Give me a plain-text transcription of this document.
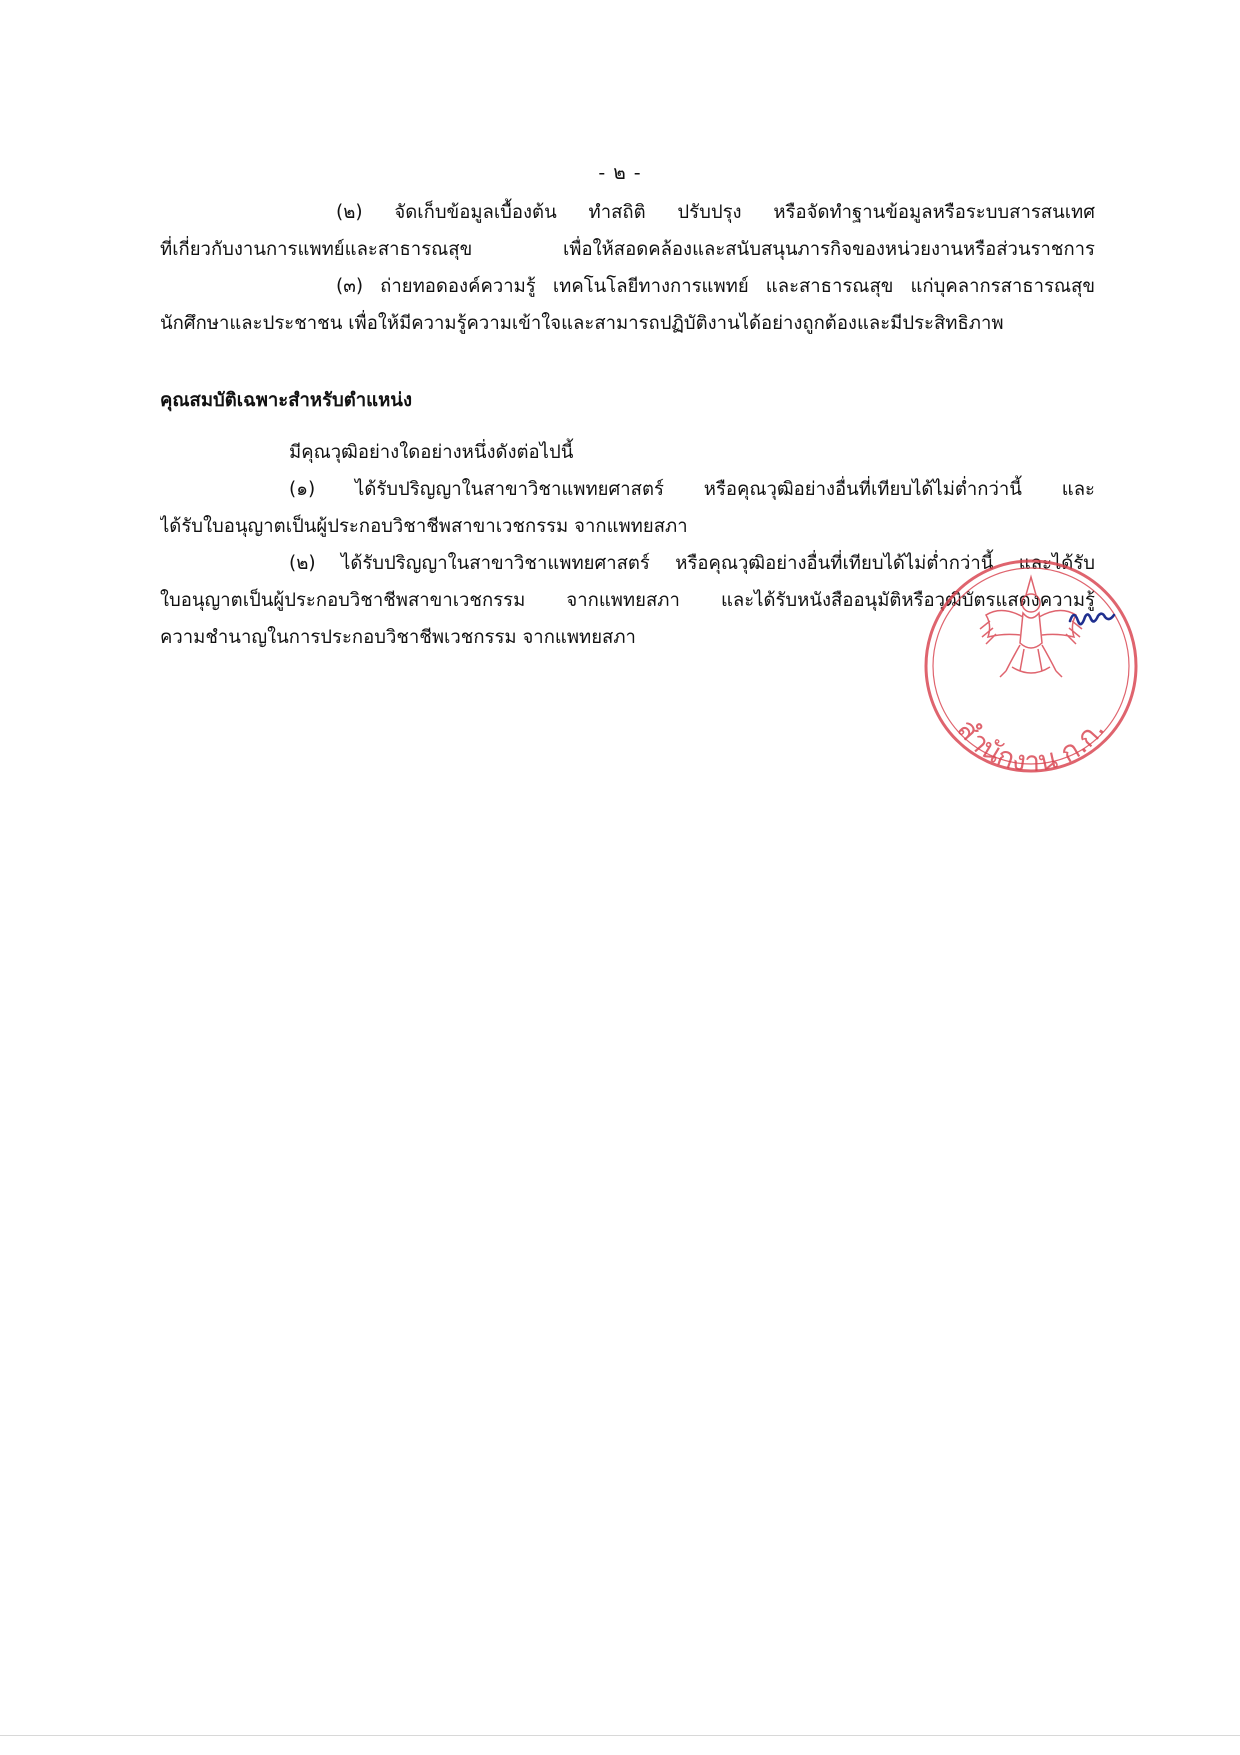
- ๒ -
(๒) จัดเก็บข้อมูลเบื้องต้น ทำสถิติ ปรับปรุง หรือจัดทำฐานข้อมูลหรือระบบสารสนเทศ
ที่เกี่ยวกับงานการแพทย์และสาธารณสุข เพื่อให้สอดคล้องและสนับสนุนภารกิจของหน่วยงานหรือส่วนราชการ
(๓) ถ่ายทอดองค์ความรู้ เทคโนโลยีทางการแพทย์ และสาธารณสุข แก่บุคลากรสาธารณสุข
นักศึกษาและประชาชน เพื่อให้มีความรู้ความเข้าใจและสามารถปฏิบัติงานได้อย่างถูกต้องและมีประสิทธิภาพ
คุณสมบัติเฉพาะสำหรับตำแหน่ง
มีคุณวุฒิอย่างใดอย่างหนึ่งดังต่อไปนี้
(๑) ได้รับปริญญาในสาขาวิชาแพทยศาสตร์ หรือคุณวุฒิอย่างอื่นที่เทียบได้ไม่ต่ำกว่านี้ และ
ได้รับใบอนุญาตเป็นผู้ประกอบวิชาชีพสาขาเวชกรรม จากแพทยสภา
(๒) ได้รับปริญญาในสาขาวิชาแพทยศาสตร์ หรือคุณวุฒิอย่างอื่นที่เทียบได้ไม่ต่ำกว่านี้ และได้รับ
ใบอนุญาตเป็นผู้ประกอบวิชาชีพสาขาเวชกรรม จากแพทยสภา และได้รับหนังสืออนุมัติหรือวุฒิบัตรแสดงความรู้
ความชำนาญในการประกอบวิชาชีพเวชกรรม จากแพทยสภา
สำนักงาน ก.ก.
